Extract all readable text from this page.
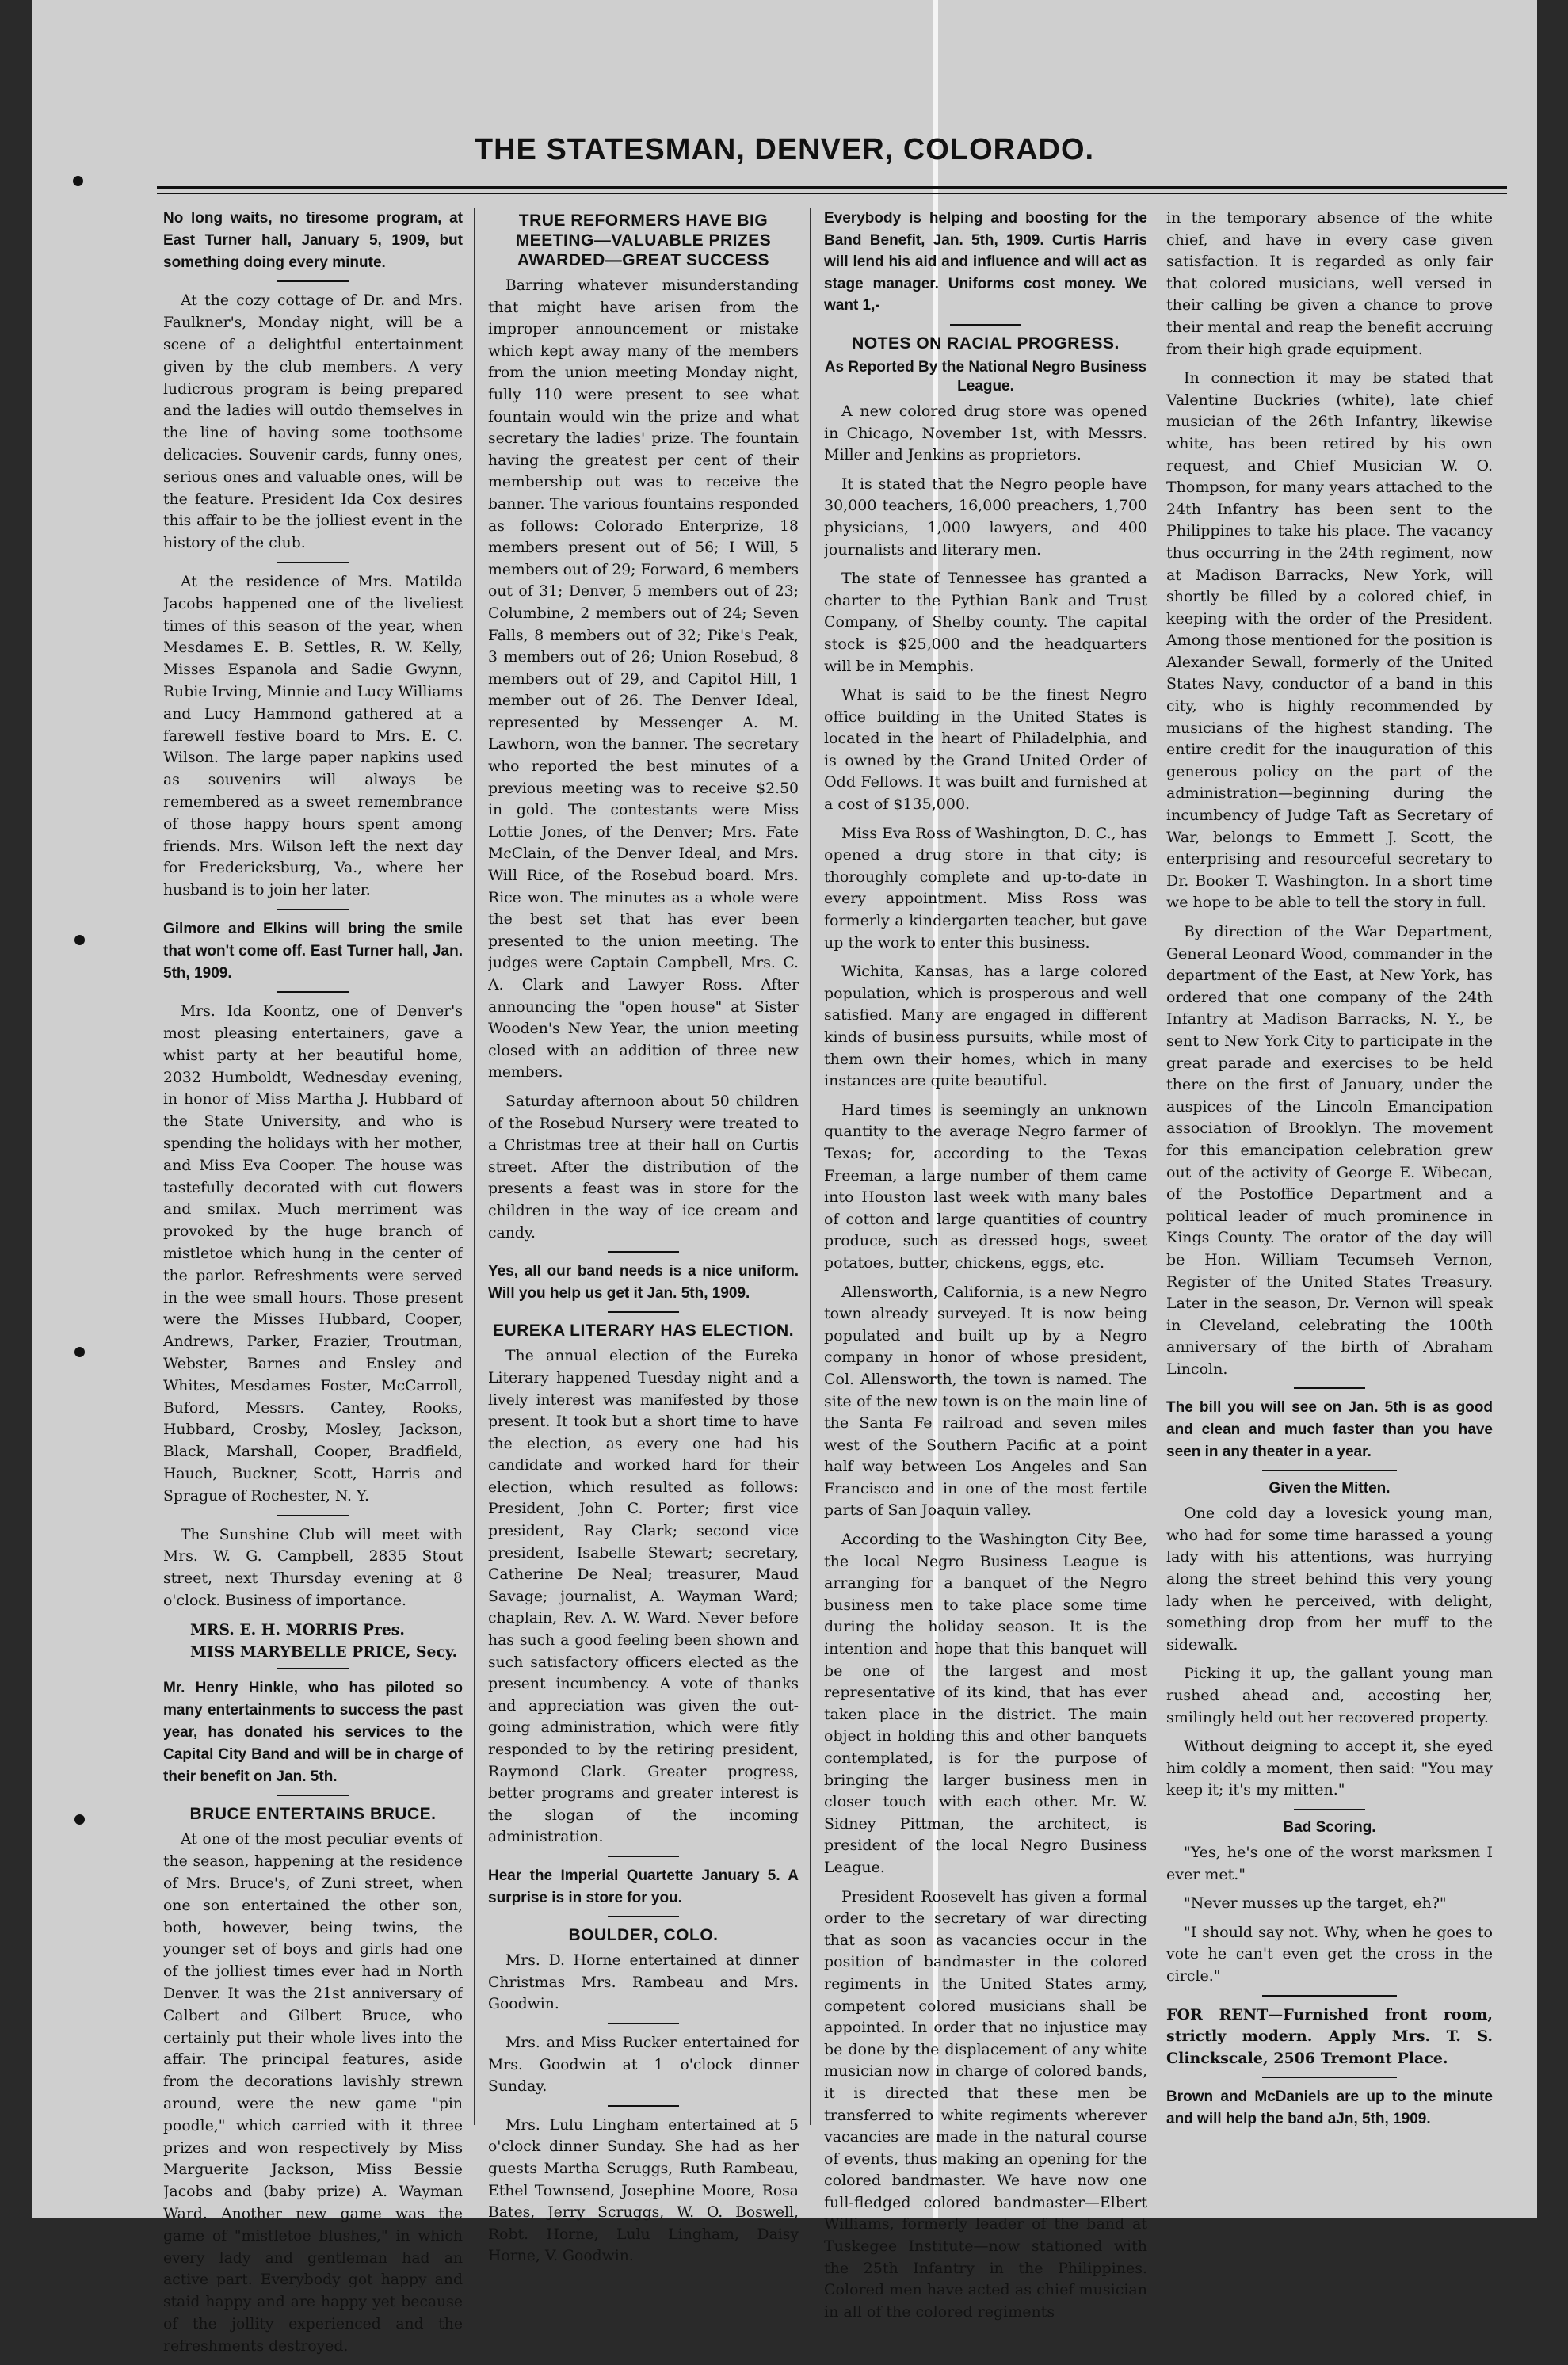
THE STATESMAN, DENVER, COLORADO.

No long waits, no tiresome program, at East Turner hall, January 5, 1909, but something doing every minute.

At the cozy cottage of Dr. and Mrs. Faulkner's, Monday night, will be a scene of a delightful entertainment given by the club members. A very ludicrous program is being prepared and the ladies will outdo themselves in the line of having some toothsome delicacies. Souvenir cards, funny ones, serious ones and valuable ones, will be the feature. President Ida Cox desires this affair to be the jolliest event in the history of the club.

At the residence of Mrs. Matilda Jacobs happened one of the liveliest times of this season of the year, when Mesdames E. B. Settles, R. W. Kelly, Misses Espanola and Sadie Gwynn, Rubie Irving, Minnie and Lucy Williams and Lucy Hammond gathered at a farewell festive board to Mrs. E. C. Wilson. The large paper napkins used as souvenirs will always be remembered as a sweet remembrance of those happy hours spent among friends. Mrs. Wilson left the next day for Fredericksburg, Va., where her husband is to join her later.

Gilmore and Elkins will bring the smile that won't come off. East Turner hall, Jan. 5th, 1909.

Mrs. Ida Koontz, one of Denver's most pleasing entertainers, gave a whist party at her beautiful home, 2032 Humboldt, Wednesday evening, in honor of Miss Martha J. Hubbard of the State University, and who is spending the holidays with her mother, and Miss Eva Cooper. The house was tastefully decorated with cut flowers and smilax. Much merriment was provoked by the huge branch of mistletoe which hung in the center of the parlor. Refreshments were served in the wee small hours. Those present were the Misses Hubbard, Cooper, Andrews, Parker, Frazier, Troutman, Webster, Barnes and Ensley and Whites, Mesdames Foster, McCarroll, Buford, Messrs. Cantey, Rooks, Hubbard, Crosby, Mosley, Jackson, Black, Marshall, Cooper, Bradfield, Hauch, Buckner, Scott, Harris and Sprague of Rochester, N. Y.

The Sunshine Club will meet with Mrs. W. G. Campbell, 2835 Stout street, next Thursday evening at 8 o'clock. Business of importance.

MRS. E. H. MORRIS Pres.

MISS MARYBELLE PRICE, Secy.

Mr. Henry Hinkle, who has piloted so many entertainments to success the past year, has donated his services to the Capital City Band and will be in charge of their benefit on Jan. 5th.

BRUCE ENTERTAINS BRUCE.

At one of the most peculiar events of the season, happening at the residence of Mrs. Bruce's, of Zuni street, when one son entertained the other son, both, however, being twins, the younger set of boys and girls had one of the jolliest times ever had in North Denver. It was the 21st anniversary of Calbert and Gilbert Bruce, who certainly put their whole lives into the affair. The principal features, aside from the decorations lavishly strewn around, were the new game "pin poodle," which carried with it three prizes and won respectively by Miss Marguerite Jackson, Miss Bessie Jacobs and (baby prize) A. Wayman Ward. Another new game was the game of "mistletoe blushes," in which every lady and gentleman had an active part. Everybody got happy and staid happy and are happy yet because of the jollity experienced and the refreshments destroyed.

TRUE REFORMERS HAVE BIG MEETING—VALUABLE PRIZES AWARDED—GREAT SUCCESS

Barring whatever misunderstanding that might have arisen from the improper announcement or mistake which kept away many of the members from the union meeting Monday night, fully 110 were present to see what fountain would win the prize and what secretary the ladies' prize. The fountain having the greatest per cent of their membership out was to receive the banner. The various fountains responded as follows: Colorado Enterprize, 18 members present out of 56; I Will, 5 members out of 29; Forward, 6 members out of 31; Denver, 5 members out of 23; Columbine, 2 members out of 24; Seven Falls, 8 members out of 32; Pike's Peak, 3 members out of 26; Union Rosebud, 8 members out of 29, and Capitol Hill, 1 member out of 26. The Denver Ideal, represented by Messenger A. M. Lawhorn, won the banner. The secretary who reported the best minutes of a previous meeting was to receive $2.50 in gold. The contestants were Miss Lottie Jones, of the Denver; Mrs. Fate McClain, of the Denver Ideal, and Mrs. Will Rice, of the Rosebud board. Mrs. Rice won. The minutes as a whole were the best set that has ever been presented to the union meeting. The judges were Captain Campbell, Mrs. C. A. Clark and Lawyer Ross. After announcing the "open house" at Sister Wooden's New Year, the union meeting closed with an addition of three new members.

Saturday afternoon about 50 children of the Rosebud Nursery were treated to a Christmas tree at their hall on Curtis street. After the distribution of the presents a feast was in store for the children in the way of ice cream and candy.

Yes, all our band needs is a nice uniform. Will you help us get it Jan. 5th, 1909.

EUREKA LITERARY HAS ELECTION.

The annual election of the Eureka Literary happened Tuesday night and a lively interest was manifested by those present. It took but a short time to have the election, as every one had his candidate and worked hard for their election, which resulted as follows: President, John C. Porter; first vice president, Ray Clark; second vice president, Isabelle Stewart; secretary, Catherine De Neal; treasurer, Maud Savage; journalist, A. Wayman Ward; chaplain, Rev. A. W. Ward. Never before has such a good feeling been shown and such satisfactory officers elected as the present incumbency. A vote of thanks and appreciation was given the out-going administration, which were fitly responded to by the retiring president, Raymond Clark. Greater progress, better programs and greater interest is the slogan of the incoming administration.

Hear the Imperial Quartette January 5. A surprise is in store for you.

BOULDER, COLO.

Mrs. D. Horne entertained at dinner Christmas Mrs. Rambeau and Mrs. Goodwin.

Mrs. and Miss Rucker entertained for Mrs. Goodwin at 1 o'clock dinner Sunday.

Mrs. Lulu Lingham entertained at 5 o'clock dinner Sunday. She had as her guests Martha Scruggs, Ruth Rambeau, Ethel Townsend, Josephine Moore, Rosa Bates, Jerry Scruggs, W. O. Boswell, Robt. Horne, Lulu Lingham, Daisy Horne, V. Goodwin.

Everybody is helping and boosting for the Band Benefit, Jan. 5th, 1909. Curtis Harris will lend his aid and influence and will act as stage manager. Uniforms cost money. We want 1,-

NOTES ON RACIAL PROGRESS.
As Reported By the National Negro Business League.

A new colored drug store was opened in Chicago, November 1st, with Messrs. Miller and Jenkins as proprietors.

It is stated that the Negro people have 30,000 teachers, 16,000 preachers, 1,700 physicians, 1,000 lawyers, and 400 journalists and literary men.

The state of Tennessee has granted a charter to the Pythian Bank and Trust Company, of Shelby county. The capital stock is $25,000 and the headquarters will be in Memphis.

What is said to be the finest Negro office building in the United States is located in the heart of Philadelphia, and is owned by the Grand United Order of Odd Fellows. It was built and furnished at a cost of $135,000.

Miss Eva Ross of Washington, D. C., has opened a drug store in that city; is thoroughly complete and up-to-date in every appointment. Miss Ross was formerly a kindergarten teacher, but gave up the work to enter this business.

Wichita, Kansas, has a large colored population, which is prosperous and well satisfied. Many are engaged in different kinds of business pursuits, while most of them own their homes, which in many instances are quite beautiful.

Hard times is seemingly an unknown quantity to the average Negro farmer of Texas; for, according to the Texas Freeman, a large number of them came into Houston last week with many bales of cotton and large quantities of country produce, such as dressed hogs, sweet potatoes, butter, chickens, eggs, etc.

Allensworth, California, is a new Negro town already surveyed. It is now being populated and built up by a Negro company in honor of whose president, Col. Allensworth, the town is named. The site of the new town is on the main line of the Santa Fe railroad and seven miles west of the Southern Pacific at a point half way between Los Angeles and San Francisco and in one of the most fertile parts of San Joaquin valley.

According to the Washington City Bee, the local Negro Business League is arranging for a banquet of the Negro business men to take place some time during the holiday season. It is the intention and hope that this banquet will be one of the largest and most representative of its kind, that has ever taken place in the district. The main object in holding this and other banquets contemplated, is for the purpose of bringing the larger business men in closer touch with each other. Mr. W. Sidney Pittman, the architect, is president of the local Negro Business League.

President Roosevelt has given a formal order to the secretary of war directing that as soon as vacancies occur in the position of bandmaster in the colored regiments in the United States army, competent colored musicians shall be appointed. In order that no injustice may be done by the displacement of any white musician now in charge of colored bands, it is directed that these men be transferred to white regiments wherever vacancies are made in the natural course of events, thus making an opening for the colored bandmaster. We have now one full-fledged colored bandmaster—Elbert Williams, formerly leader of the band at Tuskegee Institute—now stationed with the 25th Infantry in the Philippines. Colored men have acted as chief musician in all of the colored regiments

in the temporary absence of the white chief, and have in every case given satisfaction. It is regarded as only fair that colored musicians, well versed in their calling be given a chance to prove their mental and reap the benefit accruing from their high grade equipment.

In connection it may be stated that Valentine Buckries (white), late chief musician of the 26th Infantry, likewise white, has been retired by his own request, and Chief Musician W. O. Thompson, for many years attached to the 24th Infantry has been sent to the Philippines to take his place. The vacancy thus occurring in the 24th regiment, now at Madison Barracks, New York, will shortly be filled by a colored chief, in keeping with the order of the President. Among those mentioned for the position is Alexander Sewall, formerly of the United States Navy, conductor of a band in this city, who is highly recommended by musicians of the highest standing. The entire credit for the inauguration of this generous policy on the part of the administration—beginning during the incumbency of Judge Taft as Secretary of War, belongs to Emmett J. Scott, the enterprising and resourceful secretary to Dr. Booker T. Washington. In a short time we hope to be able to tell the story in full.

By direction of the War Department, General Leonard Wood, commander in the department of the East, at New York, has ordered that one company of the 24th Infantry at Madison Barracks, N. Y., be sent to New York City to participate in the great parade and exercises to be held there on the first of January, under the auspices of the Lincoln Emancipation association of Brooklyn. The movement for this emancipation celebration grew out of the activity of George E. Wibecan, of the Postoffice Department and a political leader of much prominence in Kings County. The orator of the day will be Hon. William Tecumseh Vernon, Register of the United States Treasury. Later in the season, Dr. Vernon will speak in Cleveland, celebrating the 100th anniversary of the birth of Abraham Lincoln.

The bill you will see on Jan. 5th is as good and clean and much faster than you have seen in any theater in a year.

Given the Mitten.

One cold day a lovesick young man, who had for some time harassed a young lady with his attentions, was hurrying along the street behind this very young lady when he perceived, with delight, something drop from her muff to the sidewalk.

Picking it up, the gallant young man rushed ahead and, accosting her, smilingly held out her recovered property.

Without deigning to accept it, she eyed him coldly a moment, then said: "You may keep it; it's my mitten."

Bad Scoring.

"Yes, he's one of the worst marksmen I ever met."

"Never musses up the target, eh?"

"I should say not. Why, when he goes to vote he can't even get the cross in the circle."

FOR RENT—Furnished front room, strictly modern. Apply Mrs. T. S. Clinckscale, 2506 Tremont Place.

Brown and McDaniels are up to the minute and will help the band aJn, 5th, 1909.
